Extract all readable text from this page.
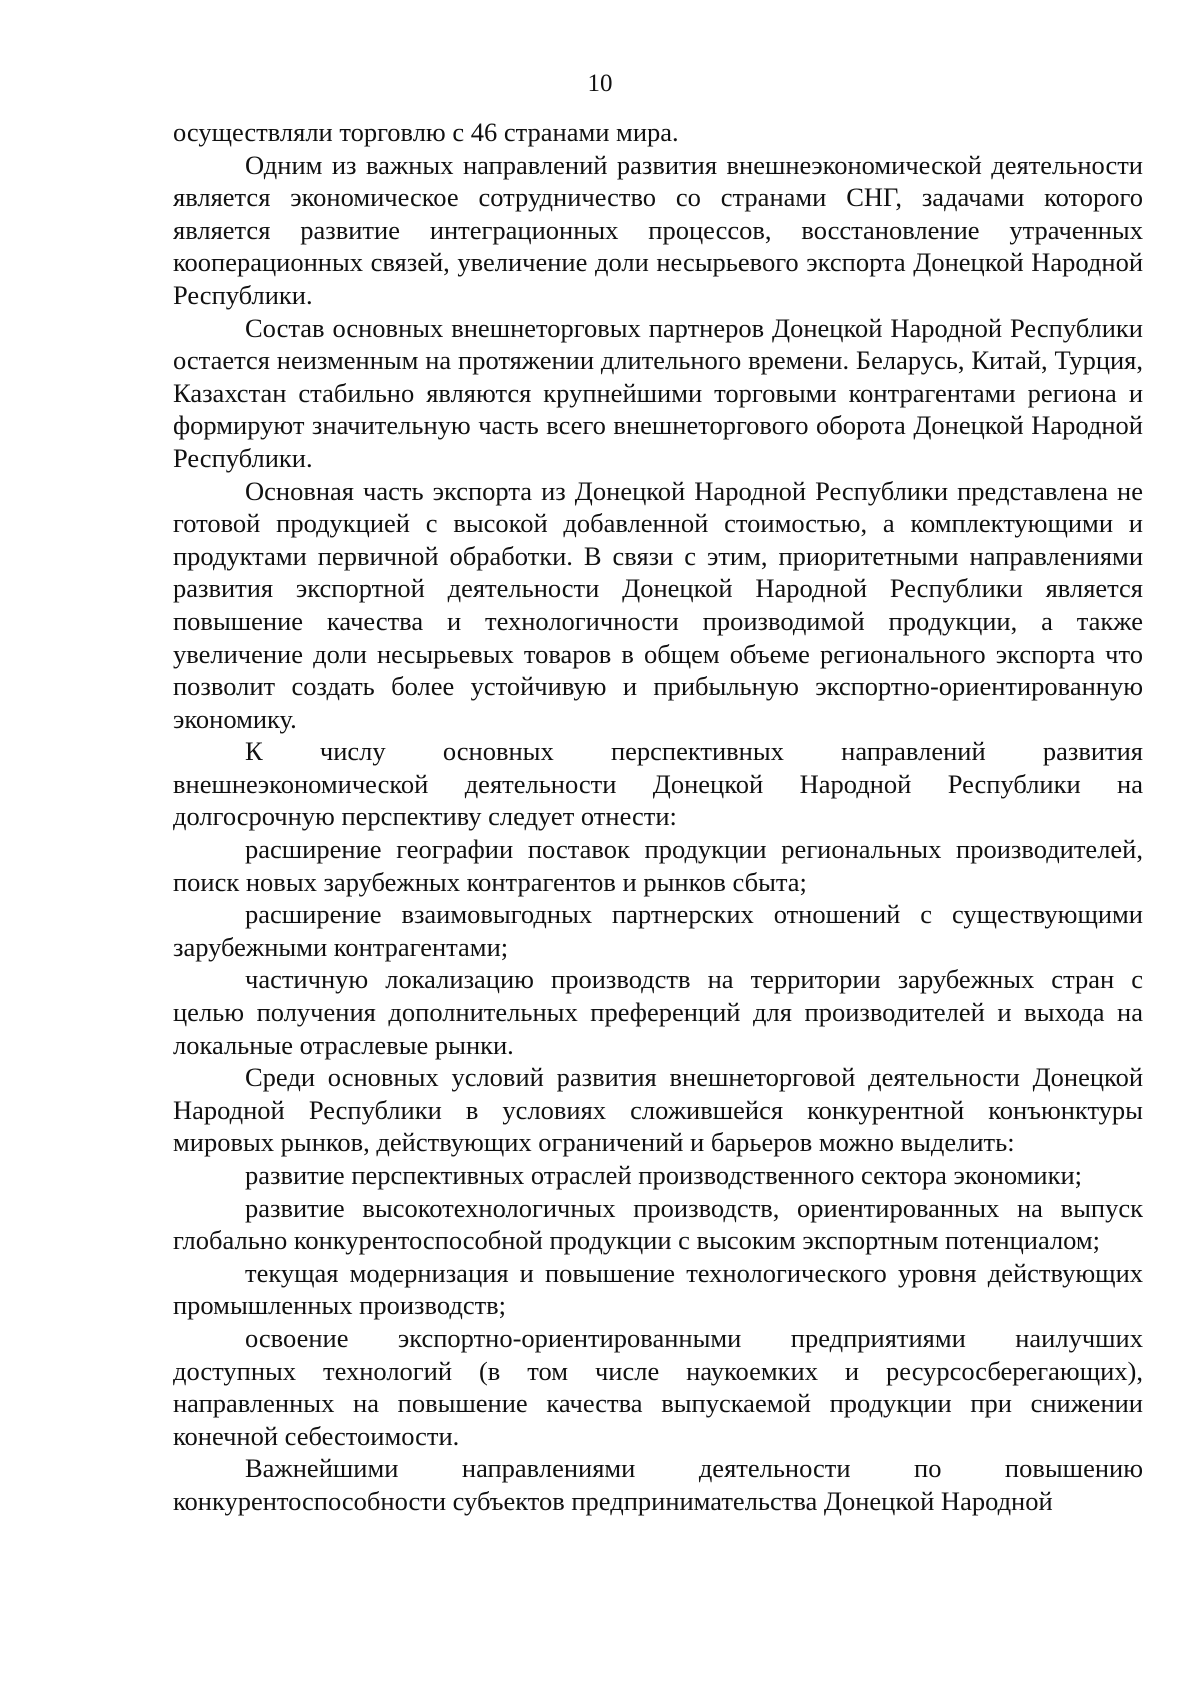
10

осуществляли торговлю с 46 странами мира.

Одним из важных направлений развития внешнеэкономической деятельности является экономическое сотрудничество со странами СНГ, задачами которого является развитие интеграционных процессов, восстановление утраченных кооперационных связей, увеличение доли несырьевого экспорта Донецкой Народной Республики.

Состав основных внешнеторговых партнеров Донецкой Народной Республики остается неизменным на протяжении длительного времени. Беларусь, Китай, Турция, Казахстан стабильно являются крупнейшими торговыми контрагентами региона и формируют значительную часть всего внешнеторгового оборота Донецкой Народной Республики.

Основная часть экспорта из Донецкой Народной Республики представлена не готовой продукцией с высокой добавленной стоимостью, а комплектующими и продуктами первичной обработки. В связи с этим, приоритетными направлениями развития экспортной деятельности Донецкой Народной Республики является повышение качества и технологичности производимой продукции, а также увеличение доли несырьевых товаров в общем объеме регионального экспорта что позволит создать более устойчивую и прибыльную экспортно-ориентированную экономику.

К числу основных перспективных направлений развития внешнеэкономической деятельности Донецкой Народной Республики на долгосрочную перспективу следует отнести:

расширение географии поставок продукции региональных производителей, поиск новых зарубежных контрагентов и рынков сбыта;

расширение взаимовыгодных партнерских отношений с существующими зарубежными контрагентами;

частичную локализацию производств на территории зарубежных стран с целью получения дополнительных преференций для производителей и выхода на локальные отраслевые рынки.

Среди основных условий развития внешнеторговой деятельности Донецкой Народной Республики в условиях сложившейся конкурентной конъюнктуры мировых рынков, действующих ограничений и барьеров можно выделить:

развитие перспективных отраслей производственного сектора экономики;

развитие высокотехнологичных производств, ориентированных на выпуск глобально конкурентоспособной продукции с высоким экспортным потенциалом;

текущая модернизация и повышение технологического уровня действующих промышленных производств;

освоение экспортно-ориентированными предприятиями наилучших доступных технологий (в том числе наукоемких и ресурсосберегающих), направленных на повышение качества выпускаемой продукции при снижении конечной себестоимости.

Важнейшими направлениями деятельности по повышению конкурентоспособности субъектов предпринимательства Донецкой Народной
